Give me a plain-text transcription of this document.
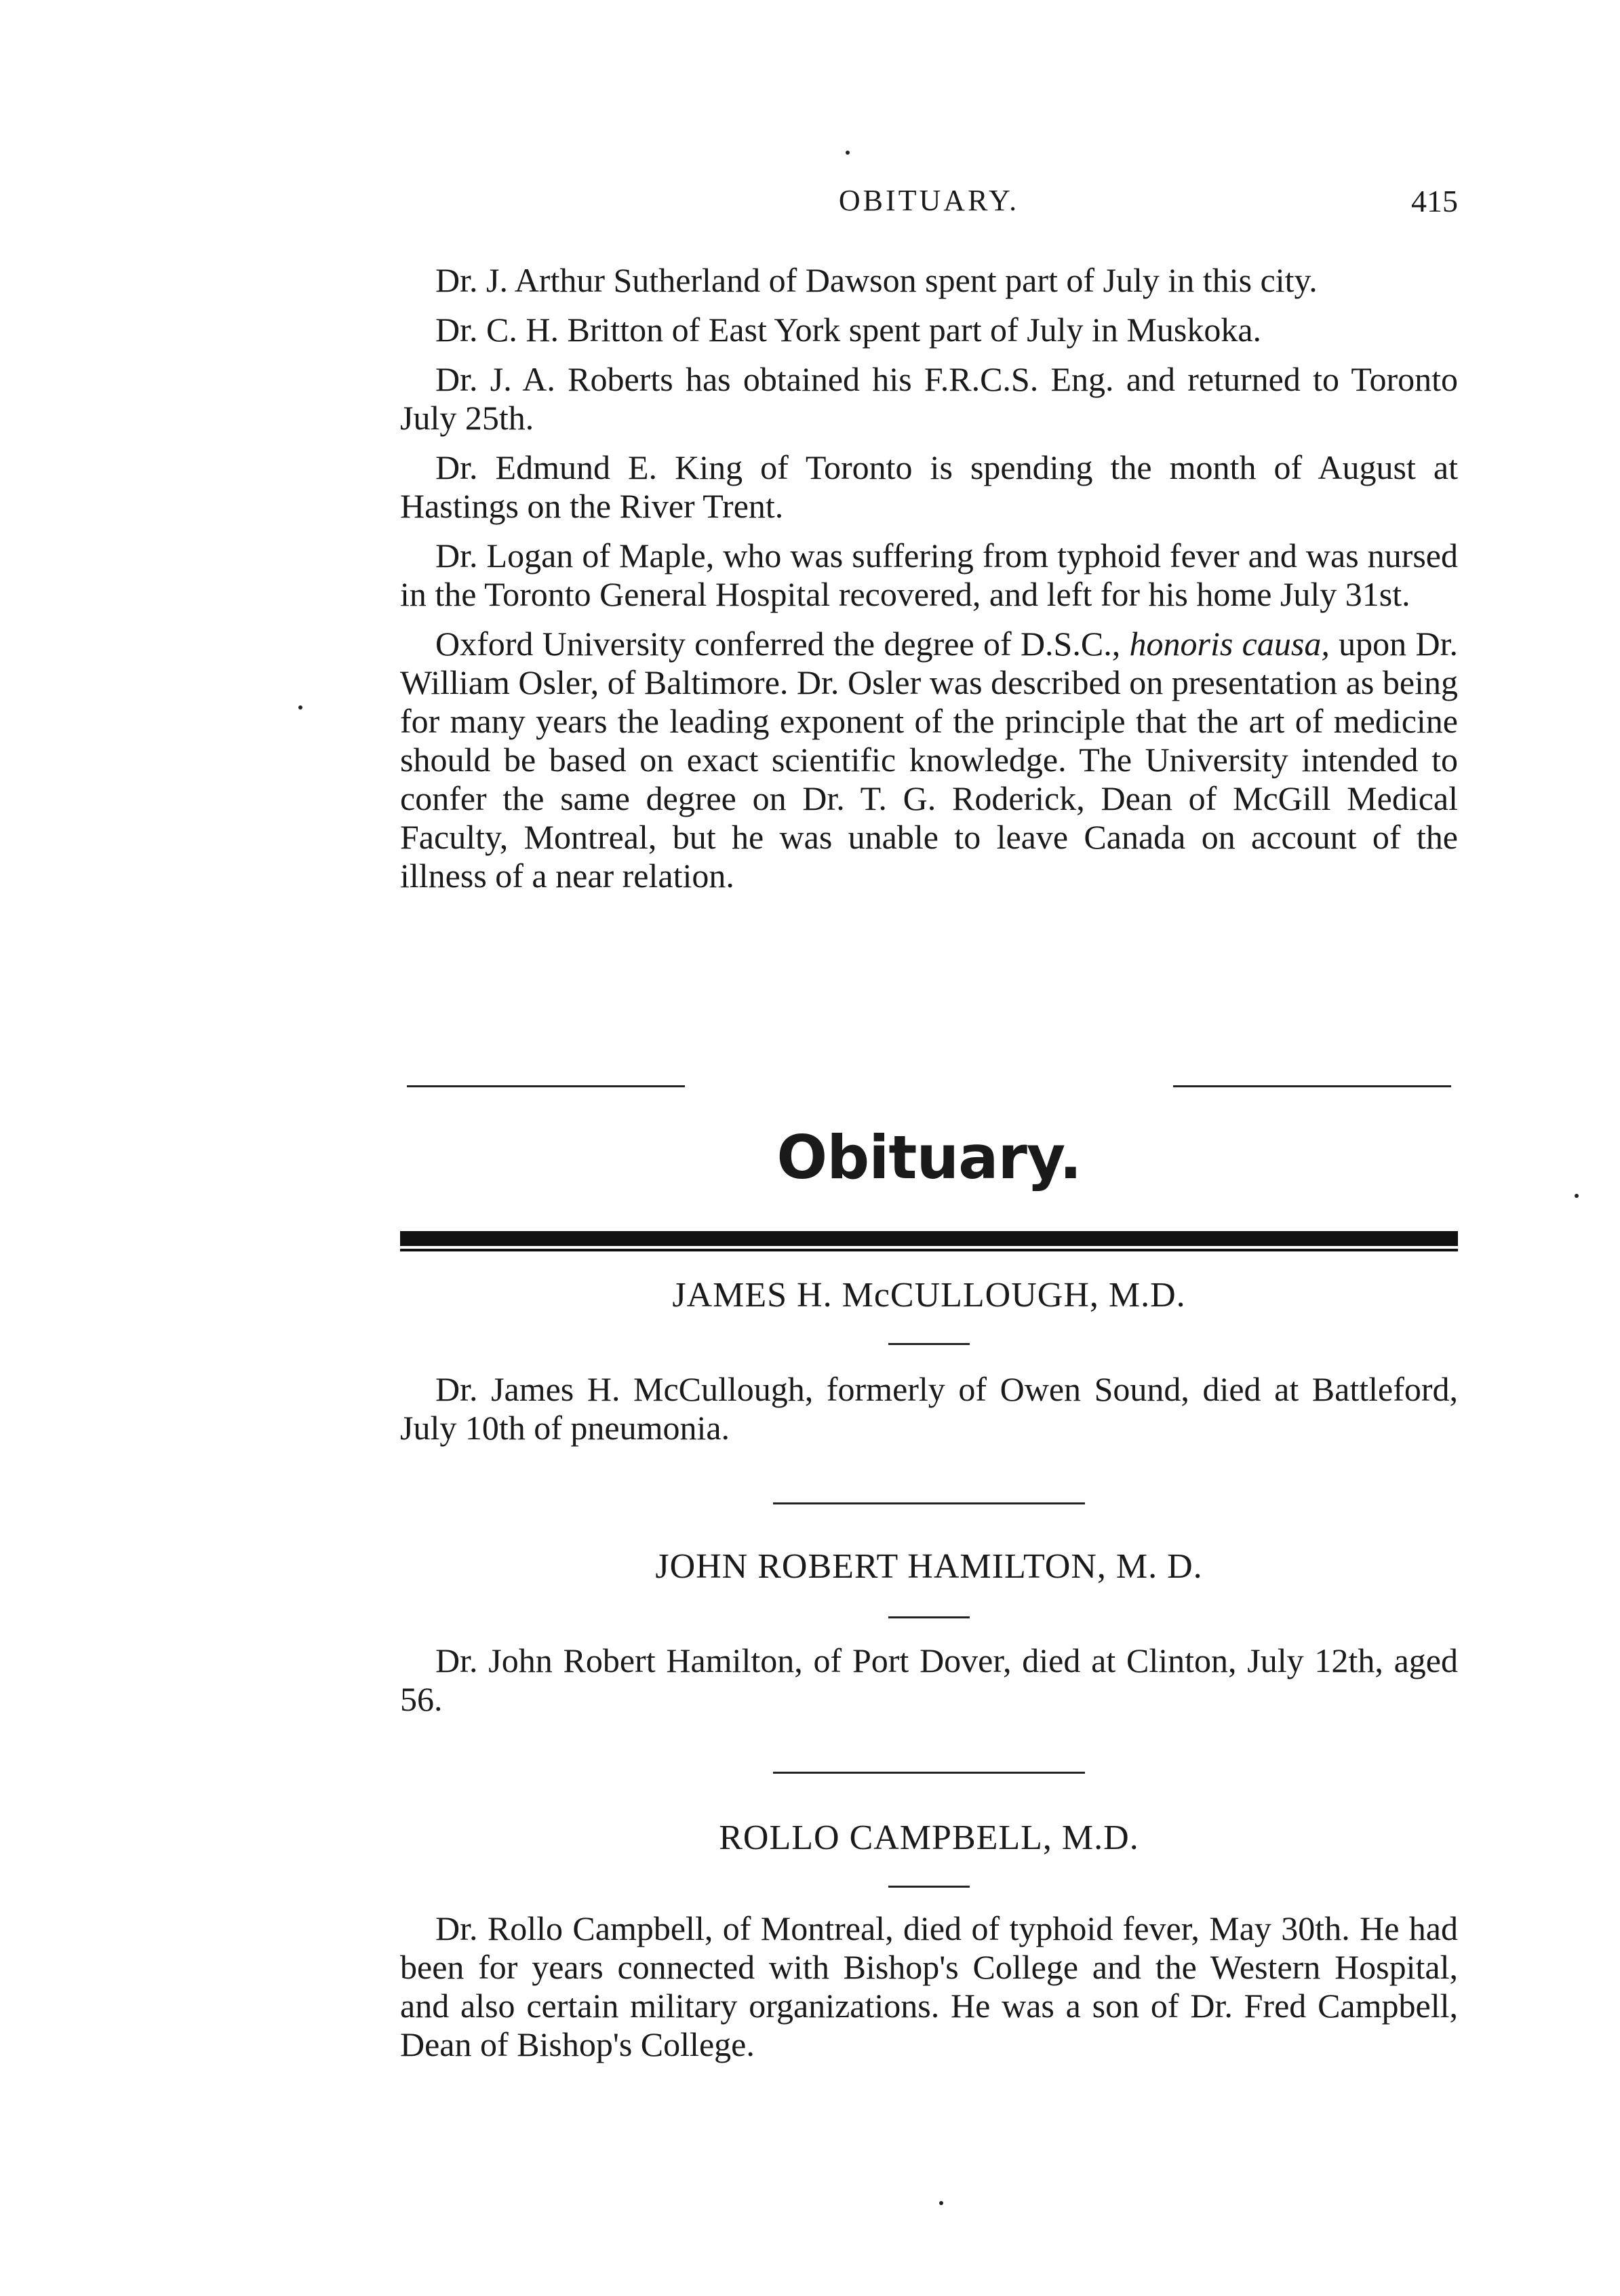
OBITUARY.	415

Dr. J. Arthur Sutherland of Dawson spent part of July in this city.

Dr. C. H. Britton of East York spent part of July in Muskoka.

Dr. J. A. Roberts has obtained his F.R.C.S. Eng. and returned to Toronto July 25th.

Dr. Edmund E. King of Toronto is spending the month of August at Hastings on the River Trent.

Dr. Logan of Maple, who was suffering from typhoid fever and was nursed in the Toronto General Hospital recovered, and left for his home July 31st.

Oxford University conferred the degree of D.S.C., honoris causa, upon Dr. William Osler, of Baltimore. Dr. Osler was described on presentation as being for many years the leading exponent of the principle that the art of medicine should be based on exact scientific knowledge. The University intended to confer the same degree on Dr. T. G. Roderick, Dean of McGill Medical Faculty, Montreal, but he was unable to leave Canada on account of the illness of a near relation.

Obituary.
JAMES H. McCULLOUGH, M.D.

Dr. James H. McCullough, formerly of Owen Sound, died at Battleford, July 10th of pneumonia.

JOHN ROBERT HAMILTON, M. D.

Dr. John Robert Hamilton, of Port Dover, died at Clinton, July 12th, aged 56.

ROLLO CAMPBELL, M.D.

Dr. Rollo Campbell, of Montreal, died of typhoid fever, May 30th. He had been for years connected with Bishop's College and the Western Hospital, and also certain military organizations. He was a son of Dr. Fred Campbell, Dean of Bishop's College.
